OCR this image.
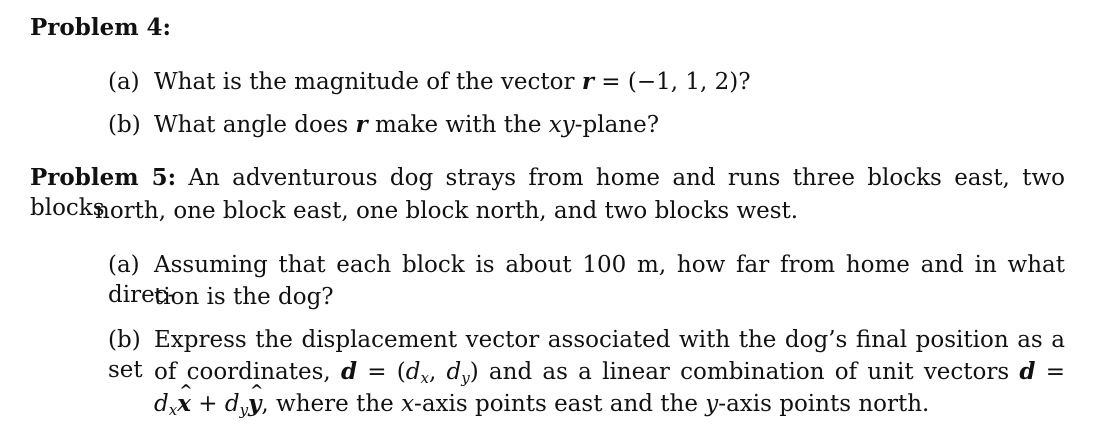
Problem 4:
(a) What is the magnitude of the vector r = (−1, 1, 2)?
(b) What angle does r make with the xy-plane?
Problem 5: An adventurous dog strays from home and runs three blocks east, two blocks
north, one block east, one block north, and two blocks west.
(a) Assuming that each block is about 100 m, how far from home and in what direc-
tion is the dog?
(b) Express the displacement vector associated with the dog’s final position as a set of coordinates, $d = (d_x$, $d_y$) and as a linear combination of unit vectors d =
$d_xx$ ^ + $d_yy$ ^, where the x-axis points east and the y-axis points north.
